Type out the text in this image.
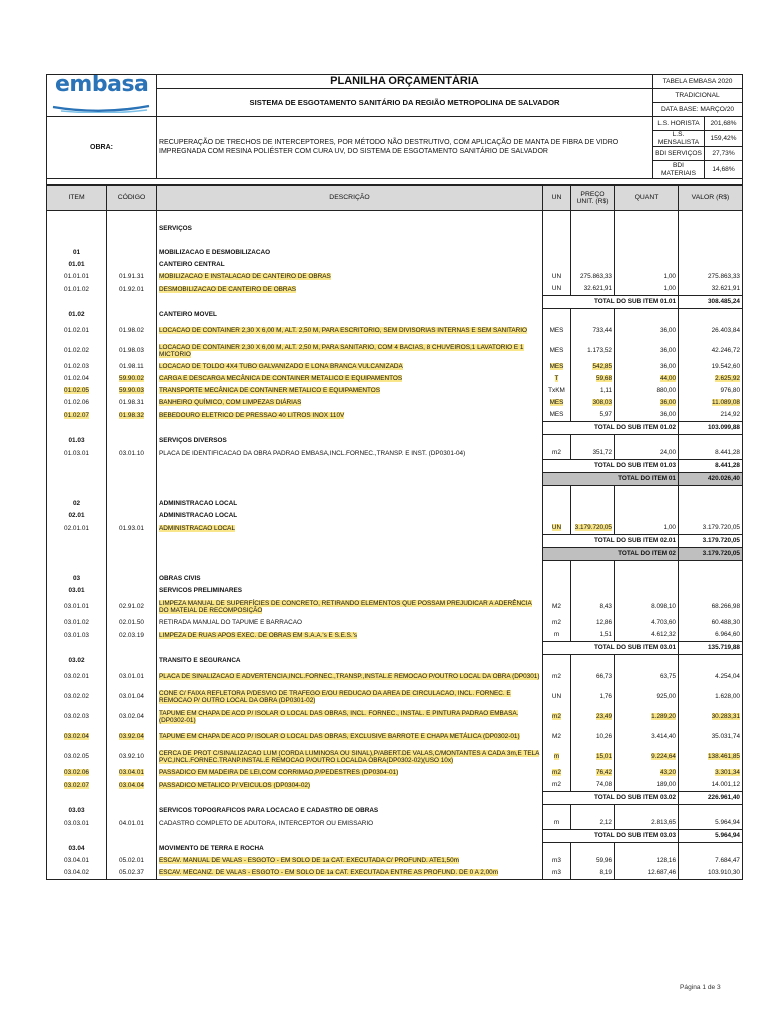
embasa	PLANILHA ORÇAMENTÁRIA	TABELA EMBASA 2020	
	SISTEMA DE ESGOTAMENTO SANITÁRIO DA REGIÃO METROPOLINA DE SALVADOR	TRADICIONAL	
		DATA BASE: MARÇO/20	
OBRA:	RECUPERAÇÃO DE TRECHOS DE INTERCEPTORES, POR MÉTODO NÃO DESTRUTIVO, COM APLICAÇÃO DE MANTA DE FIBRA DE VIDRO IMPREGNADA COM RESINA POLIÉSTER COM CURA UV, DO SISTEMA DE ESGOTAMENTO SANITÁRIO DE SALVADOR	L.S. HORISTA	201,68%
		L.S. MENSALISTA	159,42%
		BDI SERVIÇOS	27,73%
		BDI MATERIAIS	14,68%

ITEM	CÓDIGO	DESCRIÇÃO	UN	PREÇO UNIT. (R$)	QUANT	VALOR (R$)

		SERVIÇOS				

01		MOBILIZACAO E DESMOBILIZACAO				
01.01		CANTEIRO CENTRAL				
01.01.01	01.91.31	MOBILIZACAO E INSTALACAO DE CANTEIRO DE OBRAS	UN	275.863,33	1,00	275.863,33
01.01.02	01.92.01	DESMOBILIZACAO DE CANTEIRO DE OBRAS	UN	32.621,91	1,00	32.621,91
			TOTAL DO SUB ITEM 01.01			308.485,24
01.02		CANTEIRO MOVEL				
01.02.01	01.98.02	LOCACAO DE CONTAINER 2,30 X 6,00 M, ALT. 2,50 M, PARA ESCRITORIO, SEM DIVISORIAS INTERNAS E SEM SANITARIO	MES	733,44	36,00	26.403,84
01.02.02	01.98.03	LOCACAO DE CONTAINER 2,30 X 6,00 M, ALT. 2,50 M, PARA SANITARIO, COM 4 BACIAS, 8 CHUVEIROS,1 LAVATORIO E 1 MICTORIO	MES	1.173,52	36,00	42.246,72
01.02.03	01.98.11	LOCACAO DE TOLDO 4X4 TUBO GALVANIZADO E LONA BRANCA VULCANIZADA	MES	542,85	36,00	19.542,60
01.02.04	59.90.02	CARGA E DESCARGA MECÂNICA DE CONTAINER METALICO E EQUIPAMENTOS	T	59,68	44,00	2.625,92
01.02.05	59.90.03	TRANSPORTE MECÂNICA DE CONTAINER METALICO E EQUIPAMENTOS	TxKM	1,11	880,00	976,80
01.02.06	01.98.31	BANHEIRO QUÍMICO, COM LIMPEZAS DIÁRIAS	MES	308,03	36,00	11.089,08
01.02.07	01.98.32	BEBEDOURO ELETRICO DE PRESSAO 40 LITROS INOX 110V	MES	5,97	36,00	214,92
			TOTAL DO SUB ITEM 01.02			103.099,88
01.03		SERVIÇOS DIVERSOS				
01.03.01	03.01.10	PLACA DE IDENTIFICACAO DA OBRA PADRAO EMBASA,INCL.FORNEC.,TRANSP. E INST. (DP0301-04)	m2	351,72	24,00	8.441,28
			TOTAL DO SUB ITEM 01.03			8.441,28
			TOTAL DO ITEM 01			420.026,40

02		ADMINISTRACAO LOCAL				
02.01		ADMINISTRACAO LOCAL				
02.01.01	01.93.01	ADMINISTRACAO LOCAL	UN	3.179.720,05	1,00	3.179.720,05
			TOTAL DO SUB ITEM 02.01			3.179.720,05
			TOTAL DO ITEM 02			3.179.720,05

03		OBRAS CIVIS				
03.01		SERVICOS PRELIMINARES				
03.01.01	02.91.02	LIMPEZA MANUAL DE SUPERFÍCIES DE CONCRETO, RETIRANDO ELEMENTOS QUE POSSAM PREJUDICAR A ADERÊNCIA DO MATEIAL DE RECOMPOSIÇÃO	M2	8,43	8.098,10	68.266,98
03.01.02	02.01.50	RETIRADA MANUAL DO TAPUME E BARRACAO	m2	12,86	4.703,60	60.488,30
03.01.03	02.03.19	LIMPEZA DE RUAS APOS EXEC. DE OBRAS EM S.A.A.'s E S.E.S.'s	m	1,51	4.612,32	6.964,60
			TOTAL DO SUB ITEM 03.01			135.719,88
03.02		TRANSITO E SEGURANCA				
03.02.01	03.01.01	PLACA DE SINALIZACAO E ADVERTENCIA,INCL.FORNEC.,TRANSP.,INSTAL.E REMOCAO P/OUTRO LOCAL DA OBRA (DP0301)	m2	66,73	63,75	4.254,04
03.02.02	03.01.04	CONE C/ FAIXA REFLETORA P/DESVIO DE TRAFEGO E/OU REDUCAO DA AREA DE CIRCULACAO, INCL. FORNEC. E REMOCAO P/ OUTRO LOCAL DA OBRA (DP0301-02)	UN	1,76	925,00	1.628,00
03.02.03	03.02.04	TAPUME EM CHAPA DE ACO P/ ISOLAR O LOCAL DAS OBRAS, INCL. FORNEC., INSTAL. E PINTURA PADRAO EMBASA. (DP0302-01)	m2	23,49	1.289,20	30.283,31
03.02.04	03.92.04	TAPUME EM CHAPA DE ACO P/ ISOLAR O LOCAL DAS OBRAS, EXCLUSIVE BARROTE E CHAPA METÁLICA (DP0302-01)	M2	10,26	3.414,40	35.031,74
03.02.05	03.92.10	CERCA DE PROT C/SINALIZACAO LUM (CORDA LUMINOSA OU SINAL),P/ABERT.DE VALAS,C/MONTANTES A CADA 3m,E TELA PVC,INCL.FORNEC.TRANP.INSTAL.E REMOCAO P/OUTRO LOCALDA OBRA(DP0302-02)(USO 10x)	m	15,01	9.224,64	138.461,85
03.02.06	03.04.01	PASSADICO EM MADEIRA DE LEI,COM CORRIMAO,P/PEDESTRES (DP0304-01)	m2	76,42	43,20	3.301,34
03.02.07	03.04.04	PASSADICO METALICO P/ VEICULOS (DP0304-02)	m2	74,08	189,00	14.001,12
			TOTAL DO SUB ITEM 03.02			226.961,40
03.03		SERVICOS TOPOGRAFICOS PARA LOCACAO E CADASTRO DE OBRAS				
03.03.01	04.01.01	CADASTRO COMPLETO DE ADUTORA, INTERCEPTOR OU EMISSARIO	m	2,12	2.813,65	5.964,94
			TOTAL DO SUB ITEM 03.03			5.964,94
03.04		MOVIMENTO DE TERRA E ROCHA				
03.04.01	05.02.01	ESCAV. MANUAL DE VALAS - ESGOTO - EM SOLO DE 1a CAT. EXECUTADA C/ PROFUND. ATE1,50m	m3	59,96	128,16	7.684,47
03.04.02	05.02.37	ESCAV. MECANIZ. DE VALAS - ESGOTO - EM SOLO DE 1a CAT. EXECUTADA ENTRE AS PROFUND. DE 0 A 2,00m	m3	8,19	12.687,46	103.910,30

Página 1 de 3
